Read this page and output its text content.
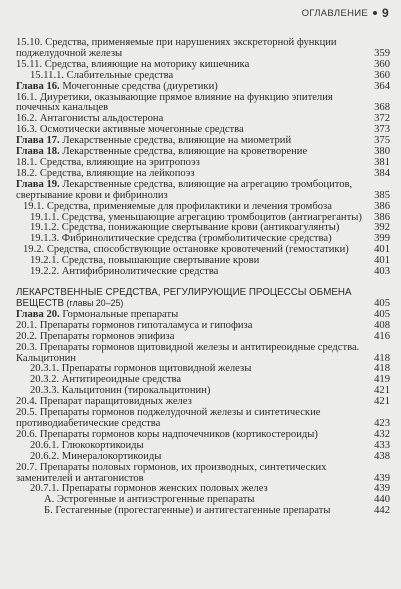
ОГЛАВЛЕНИЕ 9
15.10. Средства, применяемые при нарушениях экскреторной функции поджелудочной железы	359
15.11. Средства, влияющие на моторику кишечника	360
15.11.1. Слабительные средства	360
Глава 16. Мочегонные средства (диуретики)	364
16.1. Диуретики, оказывающие прямое влияние на функцию эпителия почечных канальцев	368
16.2. Антагонисты альдостерона	372
16.3. Осмотически активные мочегонные средства	373
Глава 17. Лекарственные средства, влияющие на миометрий	375
Глава 18. Лекарственные средства, влияющие на кроветворение	380
18.1. Средства, влияющие на эритропоэз	381
18.2. Средства, влияющие на лейкопоэз	384
Глава 19. Лекарственные средства, влияющие на агрегацию тромбоцитов, свертывание крови и фибринолиз	385
19.1. Средства, применяемые для профилактики и лечения тромбоза	386
19.1.1. Средства, уменьшающие агрегацию тромбоцитов (антиагреганты) 386
19.1.2. Средства, понижающие свертывание крови (антикоагулянты)	392
19.1.3. Фибринолитические средства (тромболитические средства)	399
19.2. Средства, способствующие остановке кровотечений (гемостатики)	401
19.2.1. Средства, повышающие свертывание крови	401
19.2.2. Антифибринолитические средства	403
ЛЕКАРСТВЕННЫЕ СРЕДСТВА, РЕГУЛИРУЮЩИЕ ПРОЦЕССЫ ОБМЕНА ВЕЩЕСТВ (главы 20–25)	405
Глава 20. Гормональные препараты	405
20.1. Препараты гормонов гипоталамуса и гипофиза	408
20.2. Препараты гормонов эпифиза	416
20.3. Препараты гормонов щитовидной железы и антитиреоидные средства. Кальцитонин	418
20.3.1. Препараты гормонов щитовидной железы	418
20.3.2. Антитиреоидные средства	419
20.3.3. Кальцитонин (тирокальцитонин)	421
20.4. Препарат паращитовидных желез	421
20.5. Препараты гормонов поджелудочной железы и синтетические противодиабетические средства	423
20.6. Препараты гормонов коры надпочечников (кортикостероиды)	432
20.6.1. Глюкокортикоиды	433
20.6.2. Минералокортикоиды	438
20.7. Препараты половых гормонов, их производных, синтетических заменителей и антагонистов	439
20.7.1. Препараты гормонов женских половых желез	439
А. Эстрогенные и антиэстрогенные препараты	440
Б. Гестагенные (прогестагенные) и антигестагенные препараты	442
